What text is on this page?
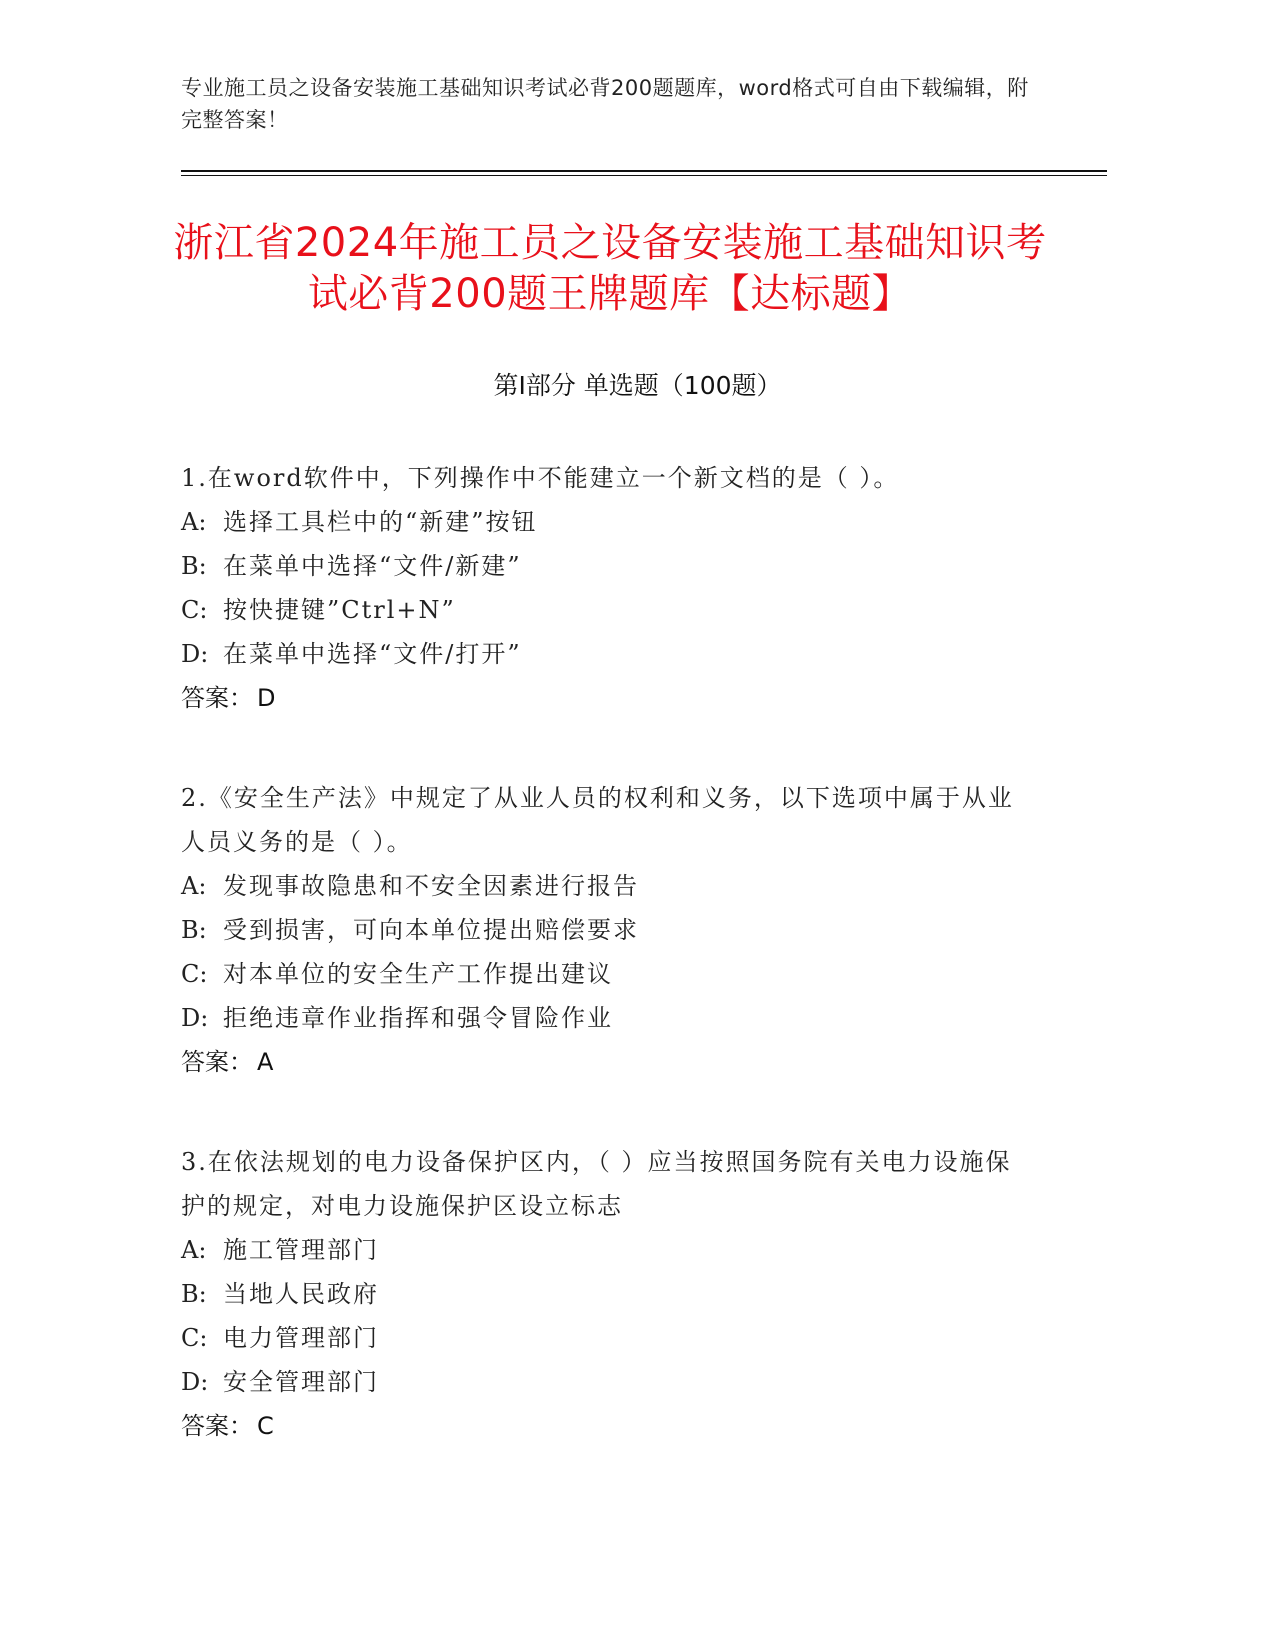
专业施工员之设备安装施工基础知识考试必背200题题库，word格式可自由下载编辑，附完整答案！
浙江省2024年施工员之设备安装施工基础知识考试必背200题王牌题库【达标题】
第I部分 单选题（100题）
1.在word软件中，下列操作中不能建立一个新文档的是（ ）。
A: 选择工具栏中的“新建”按钮
B: 在菜单中选择“文件/新建”
C: 按快捷键”Ctrl+N”
D: 在菜单中选择“文件/打开”
答案： D
2.《安全生产法》中规定了从业人员的权利和义务，以下选项中属于从业人员义务的是（ ）。
A: 发现事故隐患和不安全因素进行报告
B: 受到损害，可向本单位提出赔偿要求
C: 对本单位的安全生产工作提出建议
D: 拒绝违章作业指挥和强令冒险作业
答案： A
3.在依法规划的电力设备保护区内，（ ）应当按照国务院有关电力设施保护的规定，对电力设施保护区设立标志
A: 施工管理部门
B: 当地人民政府
C: 电力管理部门
D: 安全管理部门
答案： C
